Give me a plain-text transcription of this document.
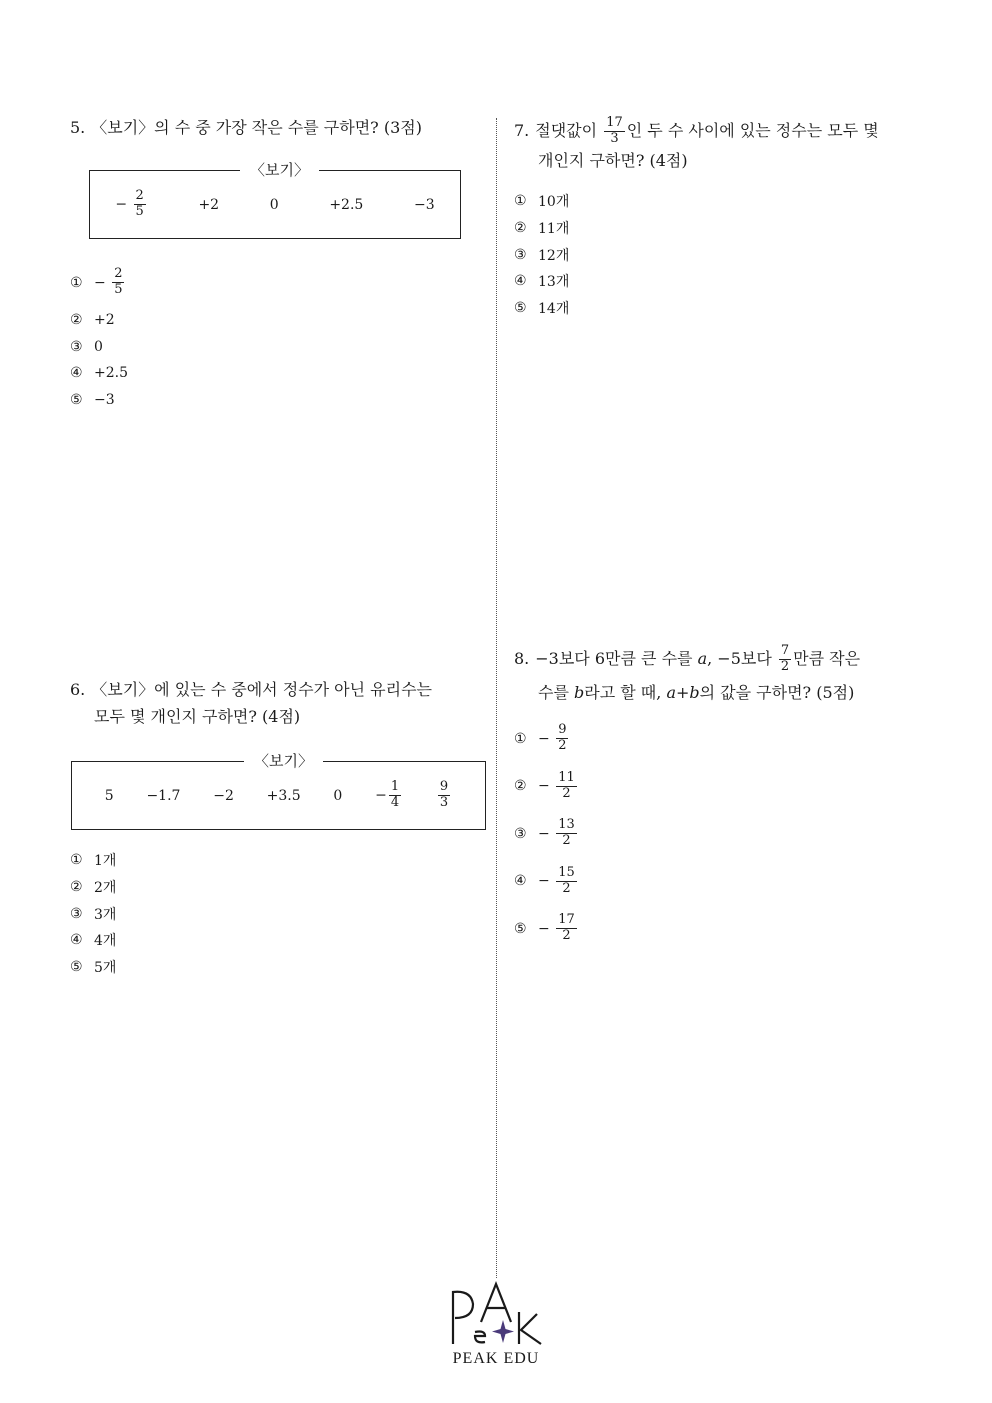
5. 〈보기〉의 수 중 가장 작은 수를 구하면? (3점)
− $\frac{2}{5}$	+2	0	+2.5	−3
〈보기〉
① −
$\frac{2}{5}$
② +2
③ 0
④ +2.5
⑤ −3
6. 〈보기〉에 있는 수 중에서 정수가 아닌 유리수는
모두 몇 개인지 구하면? (4점)
5 −1.7 −2 +3.5 $0 - \frac{1}{4}$	$\frac{9}{3}$
〈보기〉
① 1개
② 2개
③ 3개
④ 4개
⑤ 5개
7. 절댓값이 $\frac{17}{3}$ 인 두 수 사이에 있는 정수는 모두 몇
개인지 구하면? (4점)
① 10개
② 11개
③ 12개
④ 13개
⑤ 14개
8. −3보다 6만큼 큰 수를 a, −5보다 $\frac{7}{2}$ 만큼 작은
수를 b라고 할 때, a+b의 값을 구하면? (5점)
① −
$\frac{9}{2}$
② −
$\frac{11}{2}$
③ −
$\frac{13}{2}$
④ −
$\frac{15}{2}$
⑤ −
$\frac{17}{2}$
PEAK EDU
